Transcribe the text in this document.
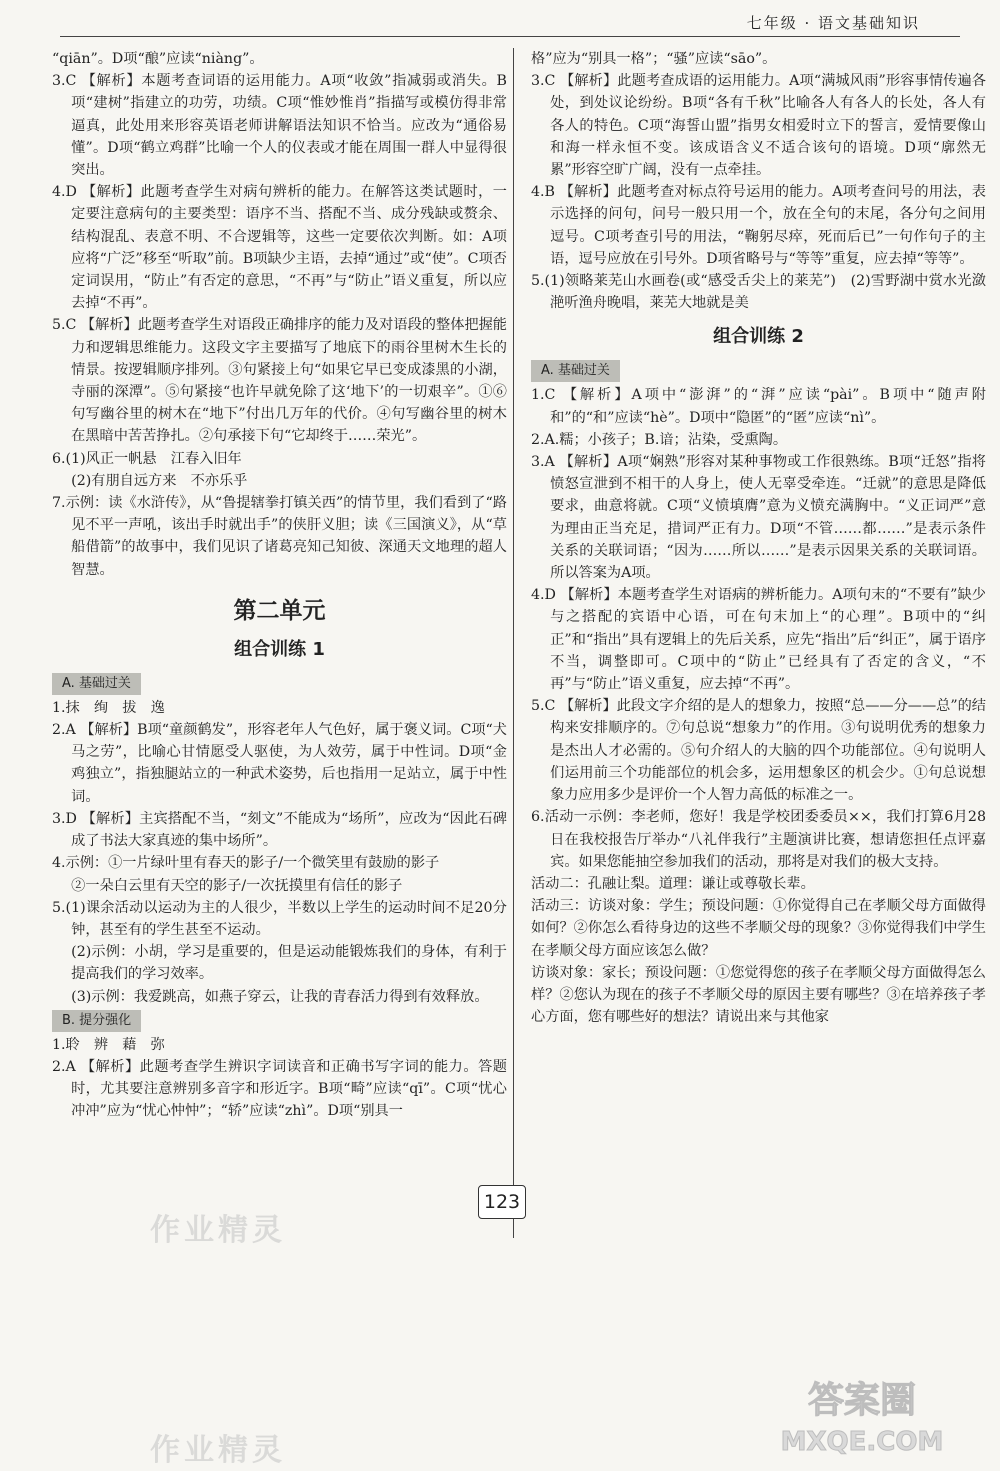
七年级 · 语文基础知识

“qiān”。D项“酿”应读“niàng”。

3.C 【解析】本题考查词语的运用能力。A项“收敛”指减弱或消失。B项“建树”指建立的功劳，功绩。C项“惟妙惟肖”指描写或模仿得非常逼真，此处用来形容英语老师讲解语法知识不恰当。应改为“通俗易懂”。D项“鹤立鸡群”比喻一个人的仪表或才能在周围一群人中显得很突出。

4.D 【解析】此题考查学生对病句辨析的能力。在解答这类试题时，一定要注意病句的主要类型：语序不当、搭配不当、成分残缺或赘余、结构混乱、表意不明、不合逻辑等，这些一定要依次判断。如：A项应将“广泛”移至“听取”前。B项缺少主语，去掉“通过”或“使”。C项否定词误用，“防止”有否定的意思，“不再”与“防止”语义重复，所以应去掉“不再”。

5.C 【解析】此题考查学生对语段正确排序的能力及对语段的整体把握能力和逻辑思维能力。这段文字主要描写了地底下的雨谷里树木生长的情景。按逻辑顺序排列。③句紧接上句“如果它早已变成漆黑的小湖，寺丽的深潭”。⑤句紧接“也许早就免除了这‘地下’的一切艰辛”。①⑥句写幽谷里的树木在“地下”付出几万年的代价。④句写幽谷里的树木在黑暗中苦苦挣扎。②句承接下句“它却终于……荣光”。

6.(1)风正一帆悬　江春入旧年

(2)有朋自远方来　不亦乐乎

7.示例：读《水浒传》，从“鲁提辖拳打镇关西”的情节里，我们看到了“路见不平一声吼，该出手时就出手”的侠肝义胆；读《三国演义》，从“草船借箭”的故事中，我们见识了诸葛亮知己知彼、深通天文地理的超人智慧。

第二单元
组合训练 1
A. 基础过关

1.抹　绚　拔　逸

2.A 【解析】B项“童颜鹤发”，形容老年人气色好，属于褒义词。C项“犬马之劳”，比喻心甘情愿受人驱使，为人效劳，属于中性词。D项“金鸡独立”，指独腿站立的一种武术姿势，后也指用一足站立，属于中性词。

3.D 【解析】主宾搭配不当，“刻文”不能成为“场所”，应改为“因此石碑成了书法大家真迹的集中场所”。

4.示例：①一片绿叶里有春天的影子/一个微笑里有鼓励的影子

②一朵白云里有天空的影子/一次抚摸里有信任的影子

5.(1)课余活动以运动为主的人很少，半数以上学生的运动时间不足20分钟，甚至有的学生甚至不运动。

(2)示例：小胡，学习是重要的，但是运动能锻炼我们的身体，有利于提高我们的学习效率。

(3)示例：我爱跳高，如燕子穿云，让我的青春活力得到有效释放。

B. 提分强化

1.聆　辨　藉　弥

2.A 【解析】此题考查学生辨识字词读音和正确书写字词的能力。答题时，尤其要注意辨别多音字和形近字。B项“畸”应读“qī”。C项“忧心冲冲”应为“忧心忡忡”；“轿”应读“zhì”。D项“别具一

格”应为“别具一格”；“骚”应读“sāo”。

3.C 【解析】此题考查成语的运用能力。A项“满城风雨”形容事情传遍各处，到处议论纷纷。B项“各有千秋”比喻各人有各人的长处，各人有各人的特色。C项“海誓山盟”指男女相爱时立下的誓言，爱情要像山和海一样永恒不变。该成语含义不适合该句的语境。D项“廓然无累”形容空旷广阔，没有一点牵挂。

4.B 【解析】此题考查对标点符号运用的能力。A项考查问号的用法，表示选择的问句，问号一般只用一个，放在全句的末尾，各分句之间用逗号。C项考查引号的用法，“鞠躬尽瘁，死而后已”一句作句子的主语，逗号应放在引号外。D项省略号与“等等”重复，应去掉“等等”。

5.(1)领略莱芜山水画卷(或“感受舌尖上的莱芜”)　(2)雪野湖中赏水光潋滟听渔舟晚唱，莱芜大地就是美

组合训练 2
A. 基础过关

1.C 【解析】A项中“澎湃”的“湃”应读“pài”。B项中“随声附和”的“和”应读“hè”。D项中“隐匿”的“匿”应读“nì”。

2.A.糯；小孩子；B.谙；沾染，受熏陶。

3.A 【解析】A项“娴熟”形容对某种事物或工作很熟练。B项“迁怒”指将愤怒宣泄到不相干的人身上，使人无辜受牵连。“迁就”的意思是降低要求，曲意将就。C项“义愤填膺”意为义愤充满胸中。“义正词严”意为理由正当充足，措词严正有力。D项“不管……都……”是表示条件关系的关联词语；“因为……所以……”是表示因果关系的关联词语。所以答案为A项。

4.D 【解析】本题考查学生对语病的辨析能力。A项句末的“不要有”缺少与之搭配的宾语中心语，可在句末加上“的心理”。B项中的“纠正”和“指出”具有逻辑上的先后关系，应先“指出”后“纠正”，属于语序不当，调整即可。C项中的“防止”已经具有了否定的含义，“不再”与“防止”语义重复，应去掉“不再”。

5.C 【解析】此段文字介绍的是人的想象力，按照“总——分——总”的结构来安排顺序的。⑦句总说“想象力”的作用。③句说明优秀的想象力是杰出人才必需的。⑤句介绍人的大脑的四个功能部位。④句说明人们运用前三个功能部位的机会多，运用想象区的机会少。①句总说想象力应用多少是评价一个人智力高低的标准之一。

6.活动一示例：李老师，您好！我是学校团委委员××，我们打算6月28日在我校报告厅举办“八礼伴我行”主题演讲比赛，想请您担任点评嘉宾。如果您能抽空参加我们的活动，那将是对我们的极大支持。

活动二：孔融让梨。道理：谦让或尊敬长辈。

活动三：访谈对象：学生；预设问题：①你觉得自己在孝顺父母方面做得如何？②你怎么看待身边的这些不孝顺父母的现象？③你觉得我们中学生在孝顺父母方面应该怎么做？

访谈对象：家长；预设问题：①您觉得您的孩子在孝顺父母方面做得怎么样？②您认为现在的孩子不孝顺父母的原因主要有哪些？③在培养孩子孝心方面，您有哪些好的想法？请说出来与其他家

123
作业精灵
作业精灵
答案圈
MXQE.COM
